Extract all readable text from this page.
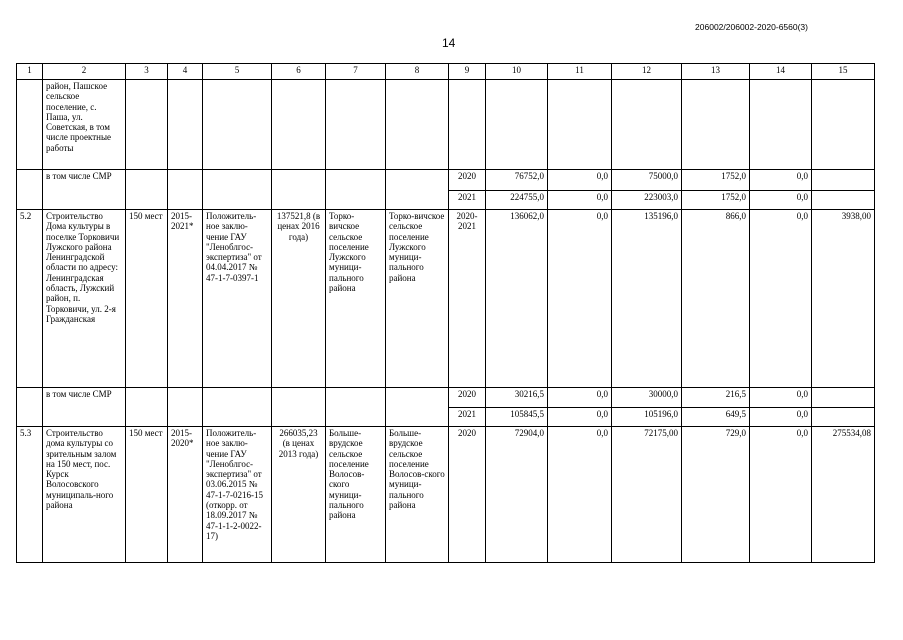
206002/206002-2020-6560(3)
14
1	2	3	4	5	6	7	8	9	10	11	12	13	14	15
	район, Пашское сельское поселение, с. Паша, ул. Советская, в том числе проектные работы													
	в том числе СМР							2020	76752,0	0,0	75000,0	1752,0	0,0	
								2021	224755,0	0,0	223003,0	1752,0	0,0	
5.2	Строительство Дома культуры в поселке Торковичи Лужского района Ленинградской области по адресу: Ленинградская область, Лужский район, п. Торковичи, ул. 2-я Гражданская	150 мест	2015-2021*	Положитель-ное заклю-чение ГАУ "Леноблгос-экспертиза" от 04.04.2017 № 47-1-7-0397-1	137521,8 (в ценах 2016 года)	Торко-вичское сельское поселение Лужского муници-пального района	Торко-вичское сельское поселение Лужского муници-пального района	2020-2021	136062,0	0,0	135196,0	866,0	0,0	3938,00
	в том числе СМР							2020	30216,5	0,0	30000,0	216,5	0,0	
								2021	105845,5	0,0	105196,0	649,5	0,0	
5.3	Строительство дома культуры со зрительным залом на 150 мест, пос. Курск Волосовского муниципаль-ного района	150 мест	2015-2020*	Положитель-ное заклю-чение ГАУ "Леноблгос-экспертиза" от 03.06.2015 № 47-1-7-0216-15 (откорр. от 18.09.2017 № 47-1-1-2-0022-17)	266035,23 (в ценах 2013 года)	Больше-врудское сельское поселение Волосов-ского муници-пального района	Больше-врудское сельское поселение Волосов-ского муници-пального района	2020	72904,0	0,0	72175,00	729,0	0,0	275534,08
